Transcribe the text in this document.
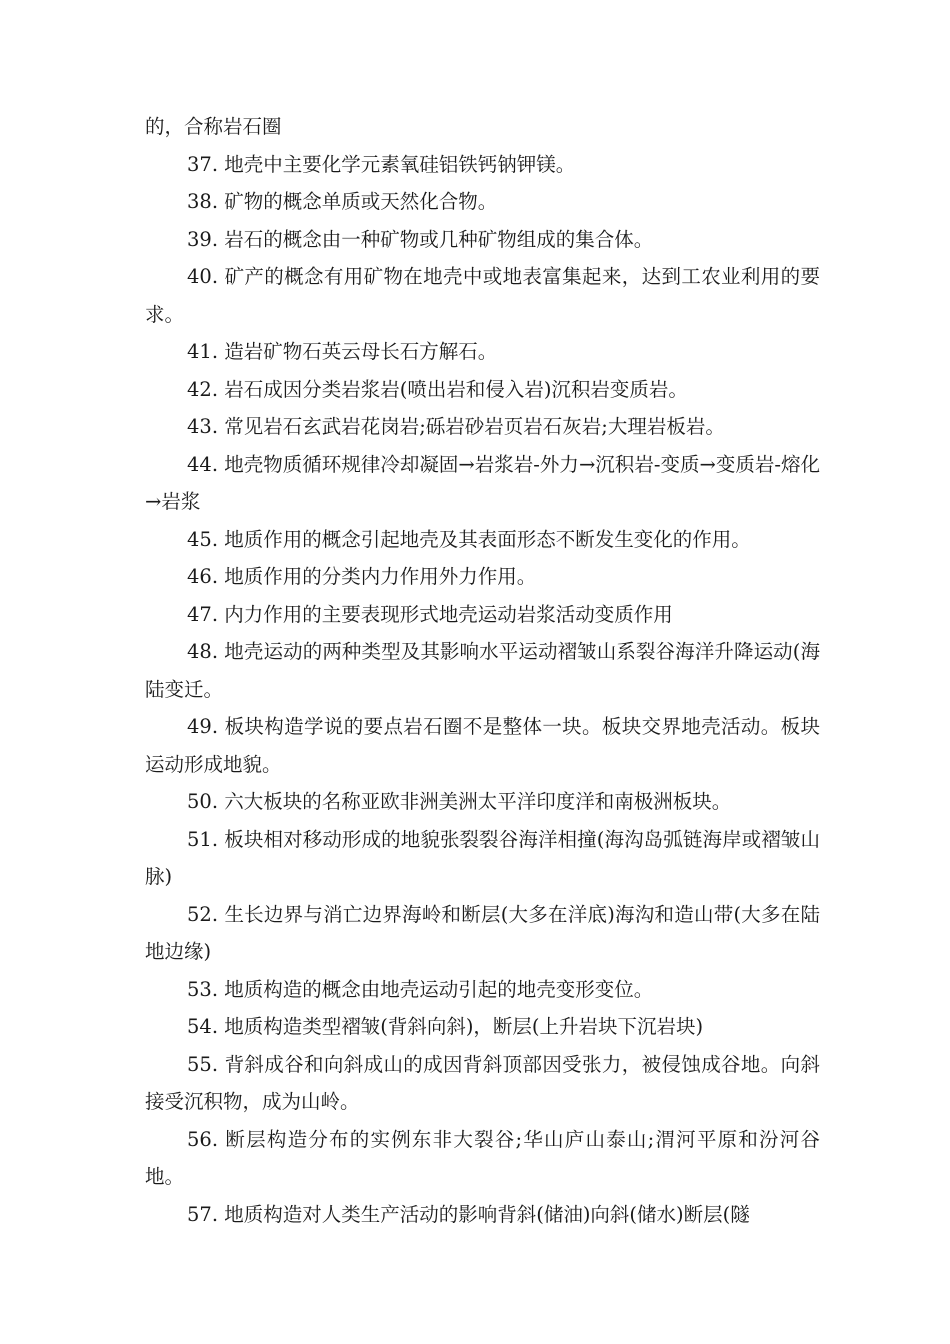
的，合称岩石圈

37. 地壳中主要化学元素氧硅铝铁钙钠钾镁。

38. 矿物的概念单质或天然化合物。

39. 岩石的概念由一种矿物或几种矿物组成的集合体。

40. 矿产的概念有用矿物在地壳中或地表富集起来，达到工农业利用的要求。

41. 造岩矿物石英云母长石方解石。

42. 岩石成因分类岩浆岩(喷出岩和侵入岩)沉积岩变质岩。

43. 常见岩石玄武岩花岗岩;砾岩砂岩页岩石灰岩;大理岩板岩。

44. 地壳物质循环规律冷却凝固→岩浆岩-外力→沉积岩-变质→变质岩-熔化→岩浆

45. 地质作用的概念引起地壳及其表面形态不断发生变化的作用。

46. 地质作用的分类内力作用外力作用。

47. 内力作用的主要表现形式地壳运动岩浆活动变质作用

48. 地壳运动的两种类型及其影响水平运动褶皱山系裂谷海洋升降运动(海陆变迁。

49. 板块构造学说的要点岩石圈不是整体一块。板块交界地壳活动。板块运动形成地貌。

50. 六大板块的名称亚欧非洲美洲太平洋印度洋和南极洲板块。

51. 板块相对移动形成的地貌张裂裂谷海洋相撞(海沟岛弧链海岸或褶皱山脉)

52. 生长边界与消亡边界海岭和断层(大多在洋底)海沟和造山带(大多在陆地边缘)

53. 地质构造的概念由地壳运动引起的地壳变形变位。

54. 地质构造类型褶皱(背斜向斜)，断层(上升岩块下沉岩块)

55. 背斜成谷和向斜成山的成因背斜顶部因受张力，被侵蚀成谷地。向斜接受沉积物，成为山岭。

56. 断层构造分布的实例东非大裂谷;华山庐山泰山;渭河平原和汾河谷地。

57. 地质构造对人类生产活动的影响背斜(储油)向斜(储水)断层(隧
